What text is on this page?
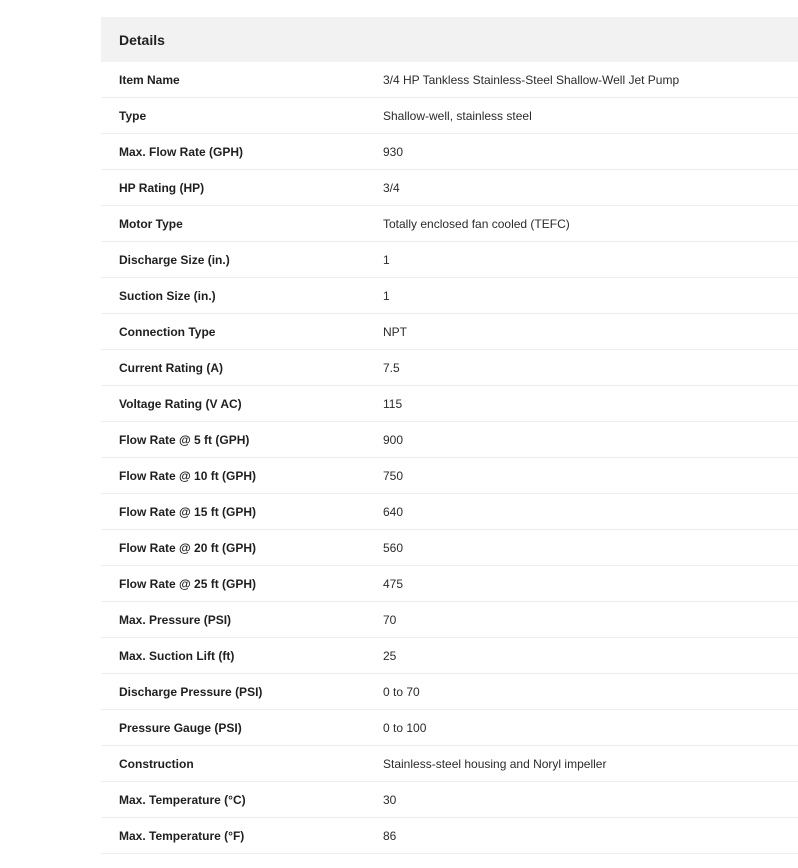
Details
Item Name	3/4 HP Tankless Stainless-Steel Shallow-Well Jet Pump
Type	Shallow-well, stainless steel
Max. Flow Rate (GPH)	930
HP Rating (HP)	3/4
Motor Type	Totally enclosed fan cooled (TEFC)
Discharge Size (in.)	1
Suction Size (in.)	1
Connection Type	NPT
Current Rating (A)	7.5
Voltage Rating (V AC)	115
Flow Rate @ 5 ft (GPH)	900
Flow Rate @ 10 ft (GPH)	750
Flow Rate @ 15 ft (GPH)	640
Flow Rate @ 20 ft (GPH)	560
Flow Rate @ 25 ft (GPH)	475
Max. Pressure (PSI)	70
Max. Suction Lift (ft)	25
Discharge Pressure (PSI)	0 to 70
Pressure Gauge (PSI)	0 to 100
Construction	Stainless-steel housing and Noryl impeller
Max. Temperature (°C)	30
Max. Temperature (°F)	86
